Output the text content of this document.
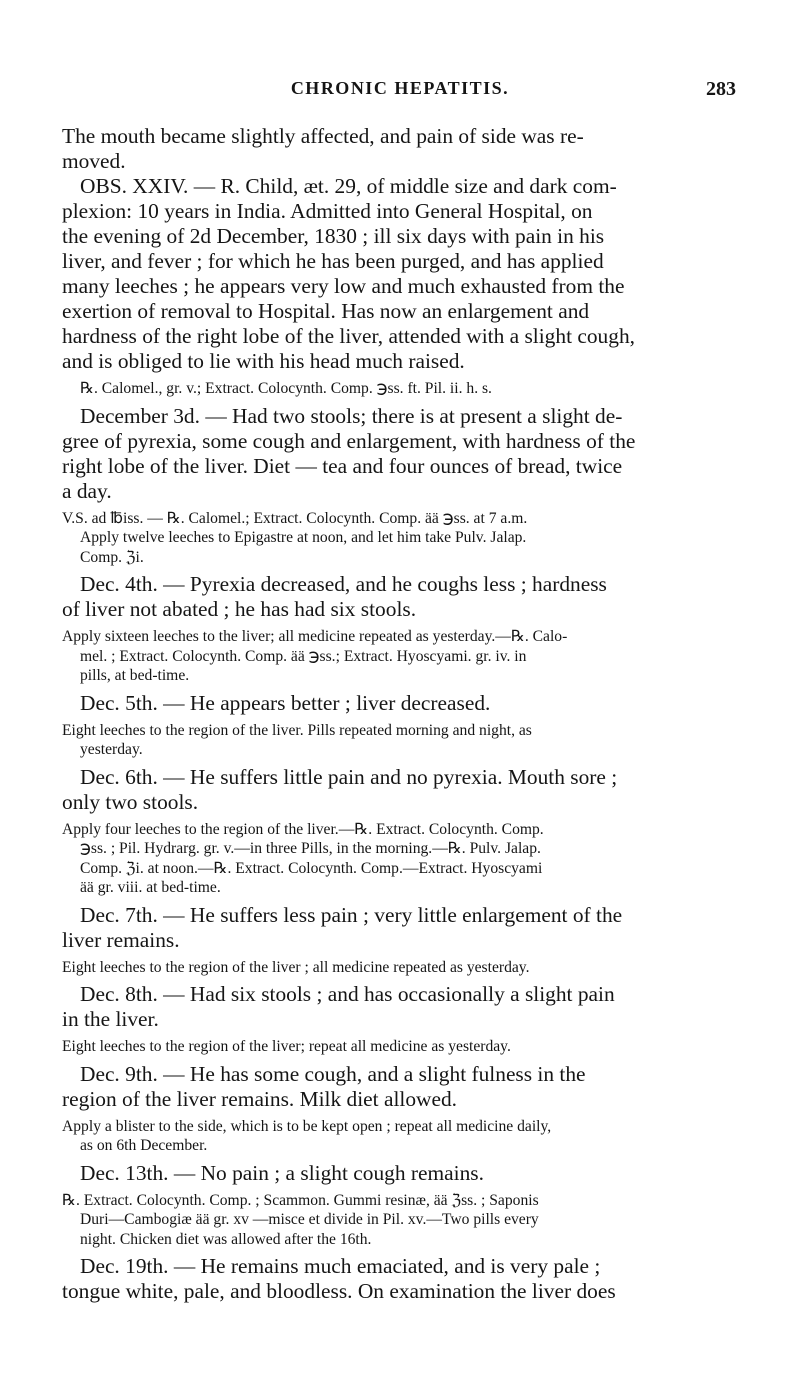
CHRONIC HEPATITIS.	283
The mouth became slightly affected, and pain of side was re-
moved.
OBS. XXIV. — R. Child, æt. 29, of middle size and dark com-
plexion: 10 years in India. Admitted into General Hospital, on
the evening of 2d December, 1830 ; ill six days with pain in his
liver, and fever ; for which he has been purged, and has applied
many leeches ; he appears very low and much exhausted from the
exertion of removal to Hospital. Has now an enlargement and
hardness of the right lobe of the liver, attended with a slight cough,
and is obliged to lie with his head much raised.
℞. Calomel., gr. v.; Extract. Colocynth. Comp. ℈ss. ft. Pil. ii. h. s.
December 3d. — Had two stools; there is at present a slight de-
gree of pyrexia, some cough and enlargement, with hardness of the
right lobe of the liver. Diet — tea and four ounces of bread, twice
a day.
V.S. ad ℔iss. — ℞. Calomel.; Extract. Colocynth. Comp. ää ℈ss. at 7 a.m.
Apply twelve leeches to Epigastre at noon, and let him take Pulv. Jalap.
Comp. ℨi.
Dec. 4th. — Pyrexia decreased, and he coughs less ; hardness
of liver not abated ; he has had six stools.
Apply sixteen leeches to the liver; all medicine repeated as yesterday.—℞. Calo-
mel. ; Extract. Colocynth. Comp. ää ℈ss.; Extract. Hyoscyami. gr. iv. in
pills, at bed-time.
Dec. 5th. — He appears better ; liver decreased.
Eight leeches to the region of the liver. Pills repeated morning and night, as
yesterday.
Dec. 6th. — He suffers little pain and no pyrexia. Mouth sore ;
only two stools.
Apply four leeches to the region of the liver.—℞. Extract. Colocynth. Comp.
℈ss. ; Pil. Hydrarg. gr. v.—in three Pills, in the morning.—℞. Pulv. Jalap.
Comp. ℨi. at noon.—℞. Extract. Colocynth. Comp.—Extract. Hyoscyami
ää gr. viii. at bed-time.
Dec. 7th. — He suffers less pain ; very little enlargement of the
liver remains.
Eight leeches to the region of the liver ; all medicine repeated as yesterday.
Dec. 8th. — Had six stools ; and has occasionally a slight pain
in the liver.
Eight leeches to the region of the liver; repeat all medicine as yesterday.
Dec. 9th. — He has some cough, and a slight fulness in the
region of the liver remains. Milk diet allowed.
Apply a blister to the side, which is to be kept open ; repeat all medicine daily,
as on 6th December.
Dec. 13th. — No pain ; a slight cough remains.
℞. Extract. Colocynth. Comp. ; Scammon. Gummi resinæ, ää ℨss. ; Saponis
Duri—Cambogiæ ää gr. xv —misce et divide in Pil. xv.—Two pills every
night. Chicken diet was allowed after the 16th.
Dec. 19th. — He remains much emaciated, and is very pale ;
tongue white, pale, and bloodless. On examination the liver does
